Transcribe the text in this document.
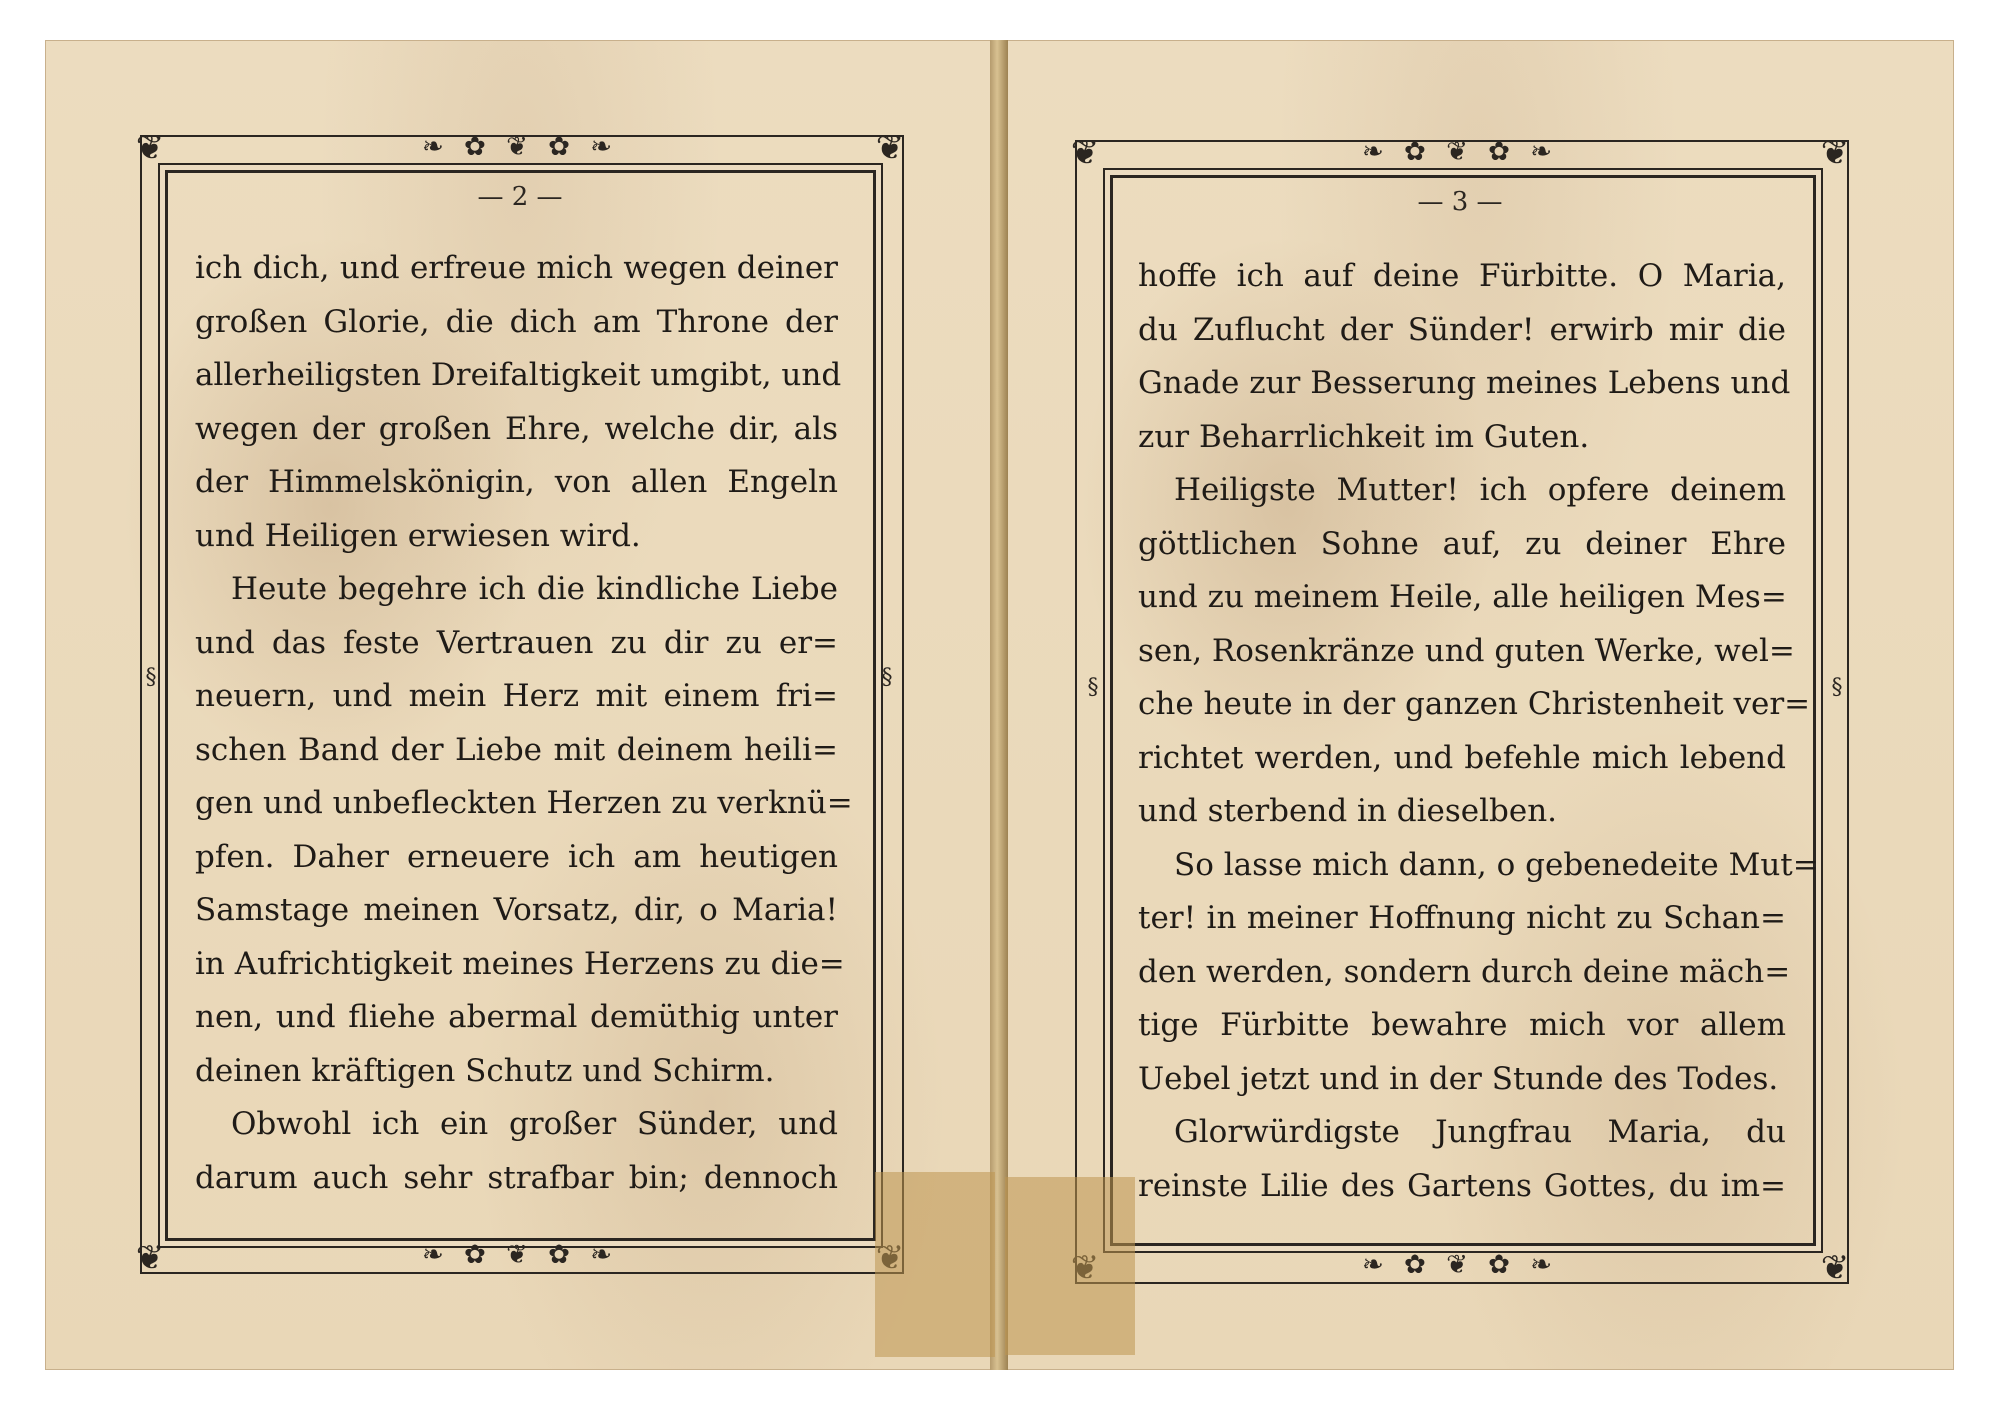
❧ ✿ ❦ ✿ ❧
❧ ✿ ❦ ✿ ❧
❦	❦
❦
§	§
— 2 —
ich dich, und erfreue mich wegen deiner
großen Glorie, die dich am Throne der
allerheiligsten Dreifaltigkeit umgibt, und
wegen der großen Ehre, welche dir, als
der Himmelskönigin, von allen Engeln
und Heiligen erwiesen wird.
Heute begehre ich die kindliche Liebe
und das feste Vertrauen zu dir zu er=
neuern, und mein Herz mit einem fri=
schen Band der Liebe mit deinem heili=
gen und unbefleckten Herzen zu verknü=
pfen. Daher erneuere ich am heutigen
Samstage meinen Vorsatz, dir, o Maria!
in Aufrichtigkeit meines Herzens zu die=
nen, und fliehe abermal demüthig unter
deinen kräftigen Schutz und Schirm.
Obwohl ich ein großer Sünder, und
darum auch sehr strafbar bin; dennoch
❧ ✿ ❦ ✿ ❧
❧ ✿ ❦ ✿ ❧
❦	❦
❦
§	§
— 3 —
hoffe ich auf deine Fürbitte. O Maria,
du Zuflucht der Sünder! erwirb mir die
Gnade zur Besserung meines Lebens und
zur Beharrlichkeit im Guten.
Heiligste Mutter! ich opfere deinem
göttlichen Sohne auf, zu deiner Ehre
und zu meinem Heile, alle heiligen Mes=
sen, Rosenkränze und guten Werke, wel=
che heute in der ganzen Christenheit ver=
richtet werden, und befehle mich lebend
und sterbend in dieselben.
So lasse mich dann, o gebenedeite Mut=
ter! in meiner Hoffnung nicht zu Schan=
den werden, sondern durch deine mäch=
tige Fürbitte bewahre mich vor allem
Uebel jetzt und in der Stunde des Todes.
Glorwürdigste Jungfrau Maria, du
reinste Lilie des Gartens Gottes, du im=
